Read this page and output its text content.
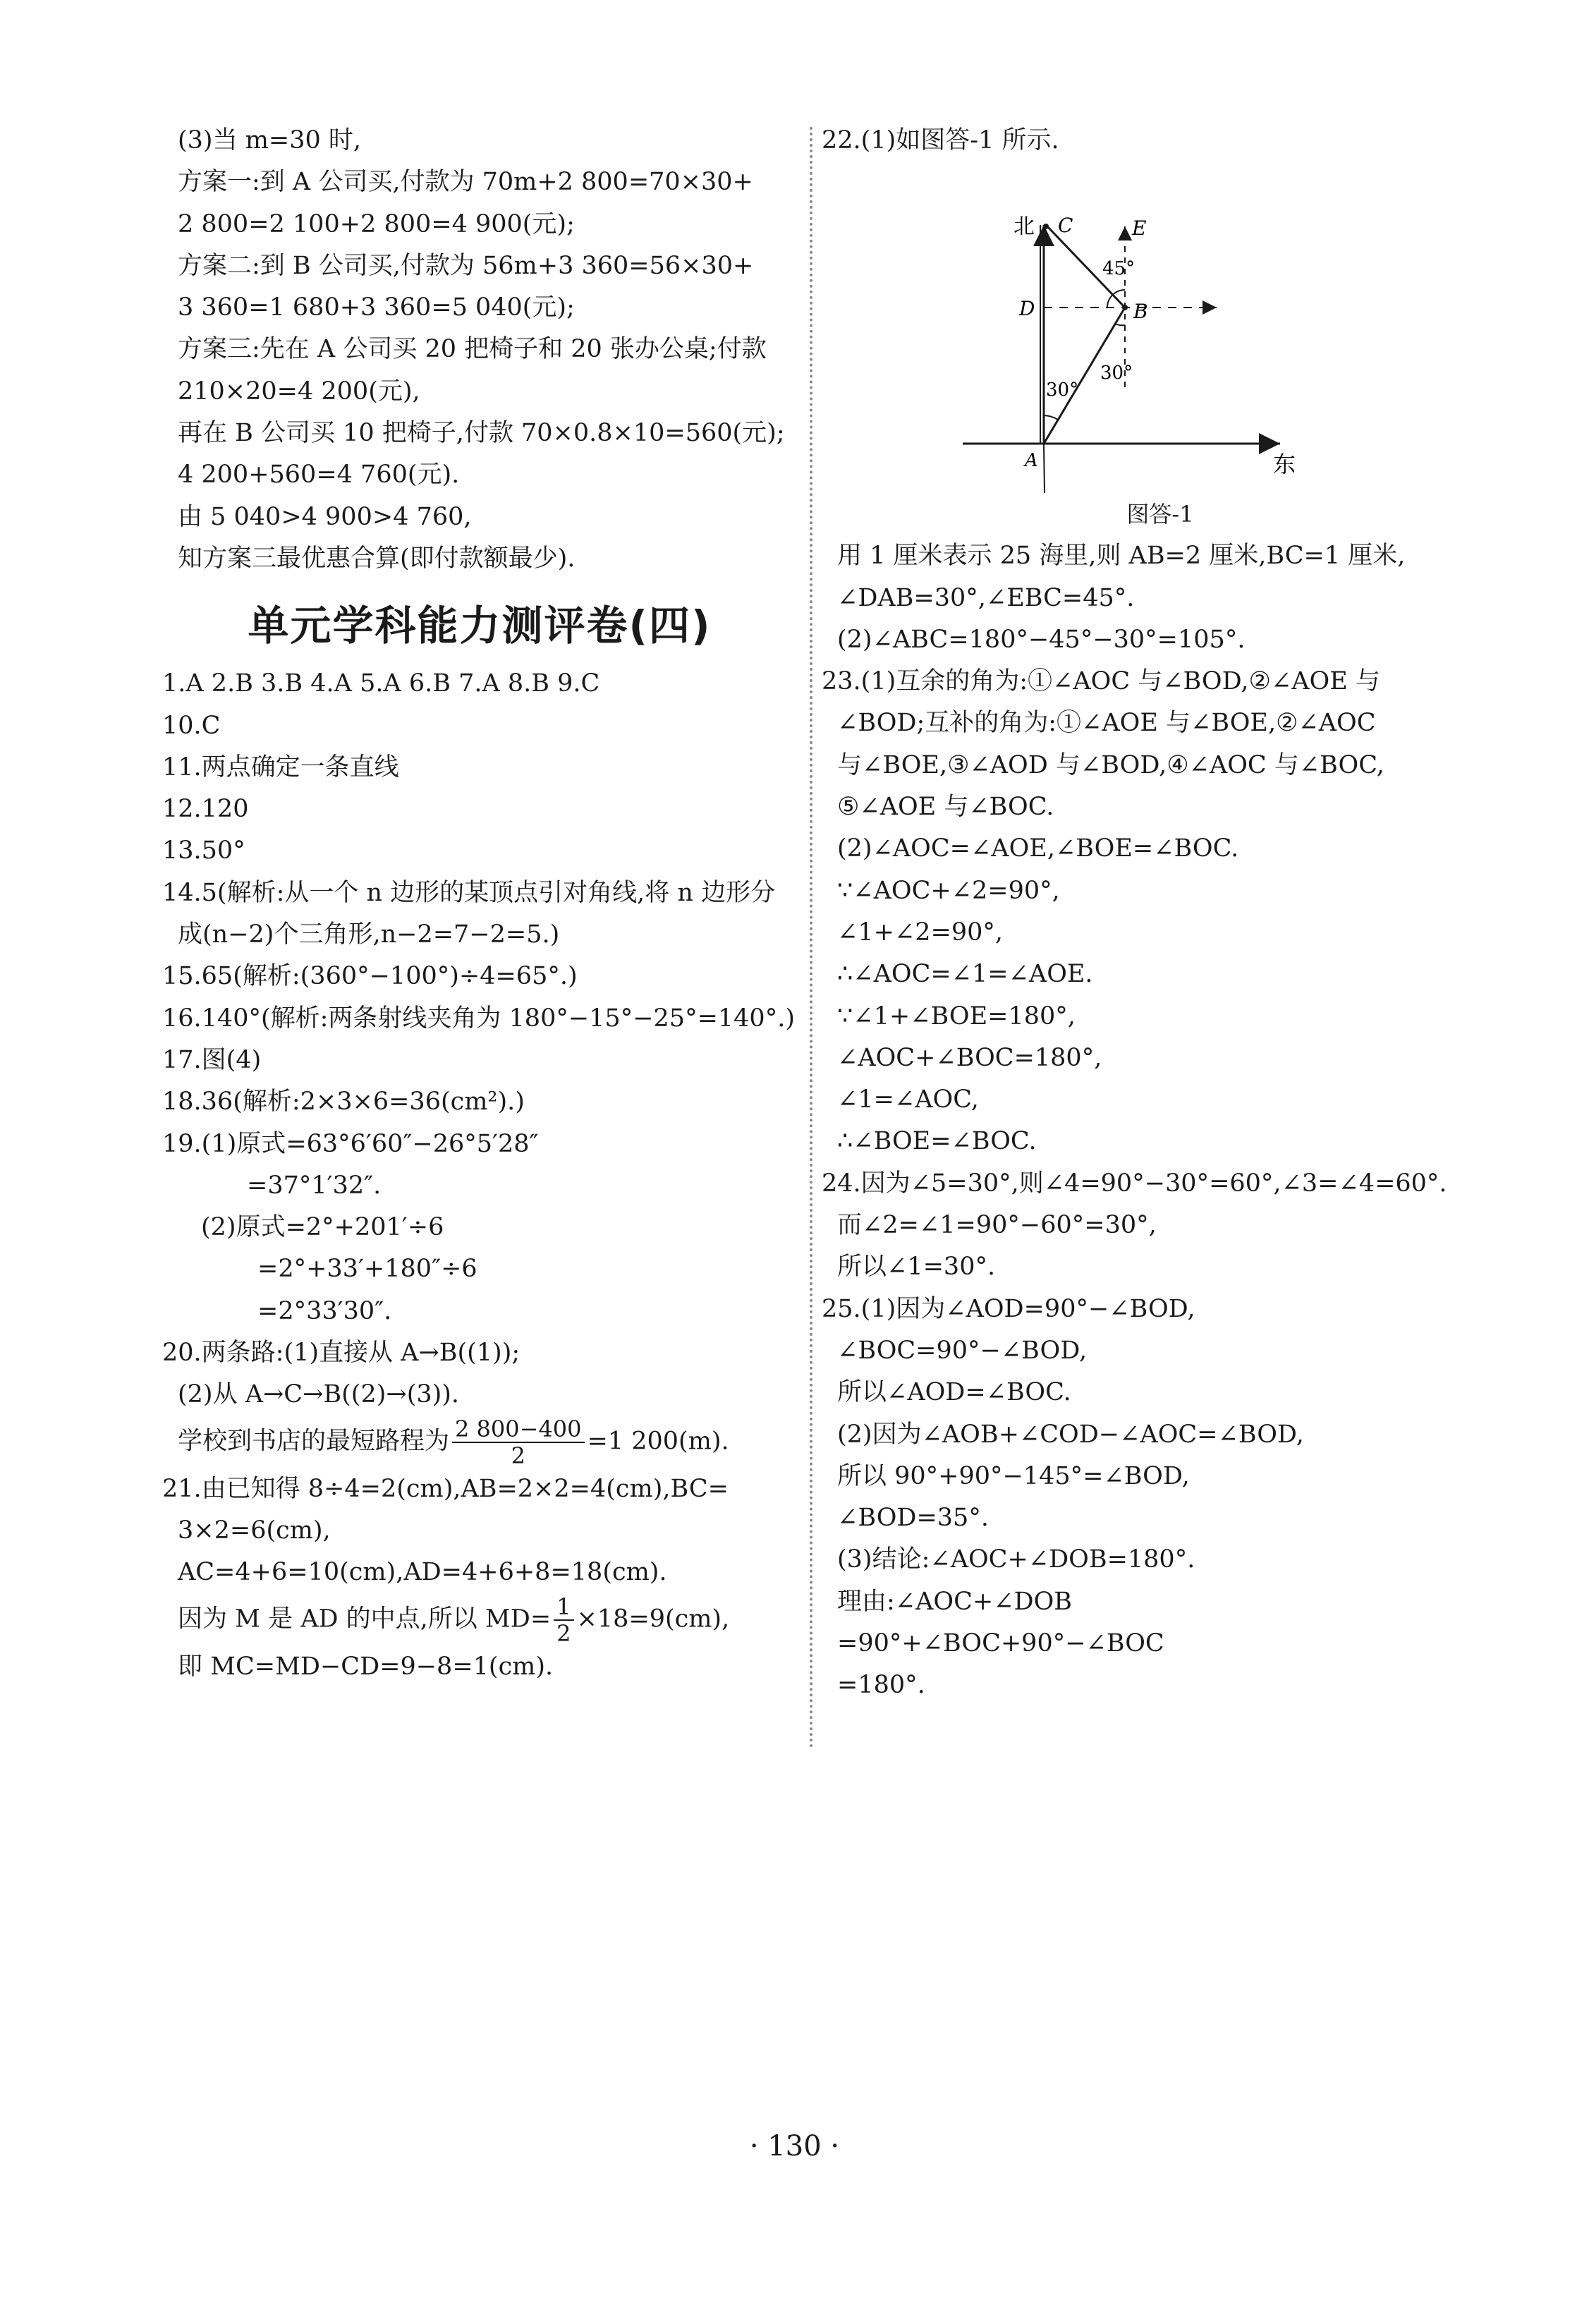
(3)当 m=30 时,
方案一:到 A 公司买,付款为 70m+2 800=70×30+
2 800=2 100+2 800=4 900(元);
方案二:到 B 公司买,付款为 56m+3 360=56×30+
3 360=1 680+3 360=5 040(元);
方案三:先在 A 公司买 20 把椅子和 20 张办公桌;付款
210×20=4 200(元),
再在 B 公司买 10 把椅子,付款 70×0.8×10=560(元);
4 200+560=4 760(元).
由 5 040>4 900>4 760,
知方案三最优惠合算(即付款额最少).
单元学科能力测评卷(四)
1.A 2.B 3.B 4.A 5.A 6.B 7.A 8.B 9.C
10.C
11.两点确定一条直线
12.120
13.50°
14.5(解析:从一个 n 边形的某顶点引对角线,将 n 边形分
成(n−2)个三角形,n−2=7−2=5.)
15.65(解析:(360°−100°)÷4=65°.)
16.140°(解析:两条射线夹角为 180°−15°−25°=140°.)
17.图(4)
18.36(解析:2×3×6=36(cm²).)
19.(1)原式=63°6′60″−26°5′28″
=37°1′32″.
(2)原式=2°+201′÷6
=2°+33′+180″÷6
=2°33′30″.
20.两条路:(1)直接从 A→B((1));
(2)从 A→C→B((2)→(3)).
学校到书店的最短路程为 $\frac{2 800-400}{2} =1$ 200(m).
21.由已知得 8÷4=2(cm),AB=2×2=4(cm),BC=
3×2=6(cm),
AC=4+6=10(cm),AD=4+6+8=18(cm).
因为 M 是 AD 的中点,所以 $MD= \frac{1}{2} \times 18=9(cm)$,
即 MC=MD−CD=9−8=1(cm).
22.(1)如图答-1 所示.
北 C	E
45°
D	B
30°
30°
A	东
图答-1
用 1 厘米表示 25 海里,则 AB=2 厘米,BC=1 厘米,
∠DAB=30°,∠EBC=45°.
(2)∠ABC=180°−45°−30°=105°.
23.(1)互余的角为:①∠AOC 与∠BOD,②∠AOE 与
∠BOD;互补的角为:①∠AOE 与∠BOE,②∠AOC
与∠BOE,③∠AOD 与∠BOD,④∠AOC 与∠BOC,
⑤∠AOE 与∠BOC.
(2)∠AOC=∠AOE,∠BOE=∠BOC.
∵∠AOC+∠2=90°,
∠1+∠2=90°,
∴∠AOC=∠1=∠AOE.
∵∠1+∠BOE=180°,
∠AOC+∠BOC=180°,
∠1=∠AOC,
∴∠BOE=∠BOC.
24.因为∠5=30°,则∠4=90°−30°=60°,∠3=∠4=60°.
而∠2=∠1=90°−60°=30°,
所以∠1=30°.
25.(1)因为∠AOD=90°−∠BOD,
∠BOC=90°−∠BOD,
所以∠AOD=∠BOC.
(2)因为∠AOB+∠COD−∠AOC=∠BOD,
所以 90°+90°−145°=∠BOD,
∠BOD=35°.
(3)结论:∠AOC+∠DOB=180°.
理由:∠AOC+∠DOB
=90°+∠BOC+90°−∠BOC
=180°.
· 130 ·
